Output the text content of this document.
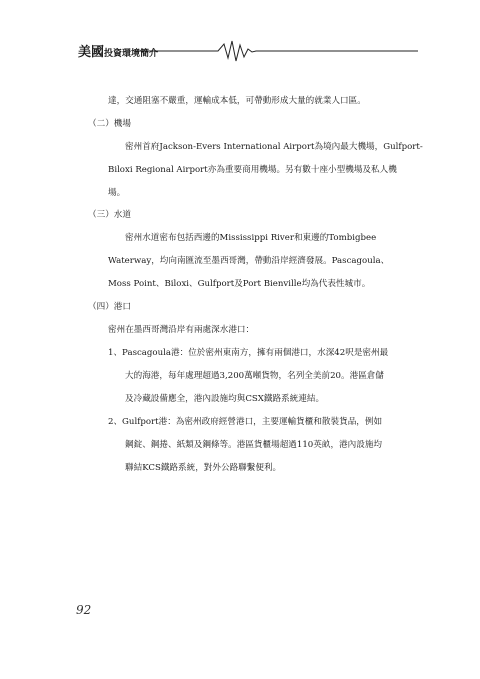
美國投資環境簡介
達，交通阻塞不嚴重，運輸成本低，可帶動形成大量的就業人口區。
（二）機場
密州首府Jackson-Evers International Airport為境內最大機場，Gulfport-
Biloxi Regional Airport亦為重要商用機場。另有數十座小型機場及私人機
場。
（三）水道
密州水道密布包括西邊的Mississippi River和東邊的Tombigbee
Waterway，均向南匯流至墨西哥灣，帶動沿岸經濟發展。Pascagoula、
Moss Point、Biloxi、Gulfport及Port Bienville均為代表性城市。
（四）港口
密州在墨西哥灣沿岸有兩處深水港口：
1、Pascagoula港：位於密州東南方，擁有兩個港口，水深42呎是密州最
大的海港，每年處理超過3,200萬噸貨物，名列全美前20。港區倉儲
及冷藏設備應全，港內設施均與CSX鐵路系統連結。
2、Gulfport港：為密州政府經營港口，主要運輸貨櫃和散裝貨品，例如
鋼錠、鋼捲、紙類及鋼條等。港區貨櫃場超過110英畝，港內設施均
聯結KCS鐵路系統，對外公路聯繫便利。
92
